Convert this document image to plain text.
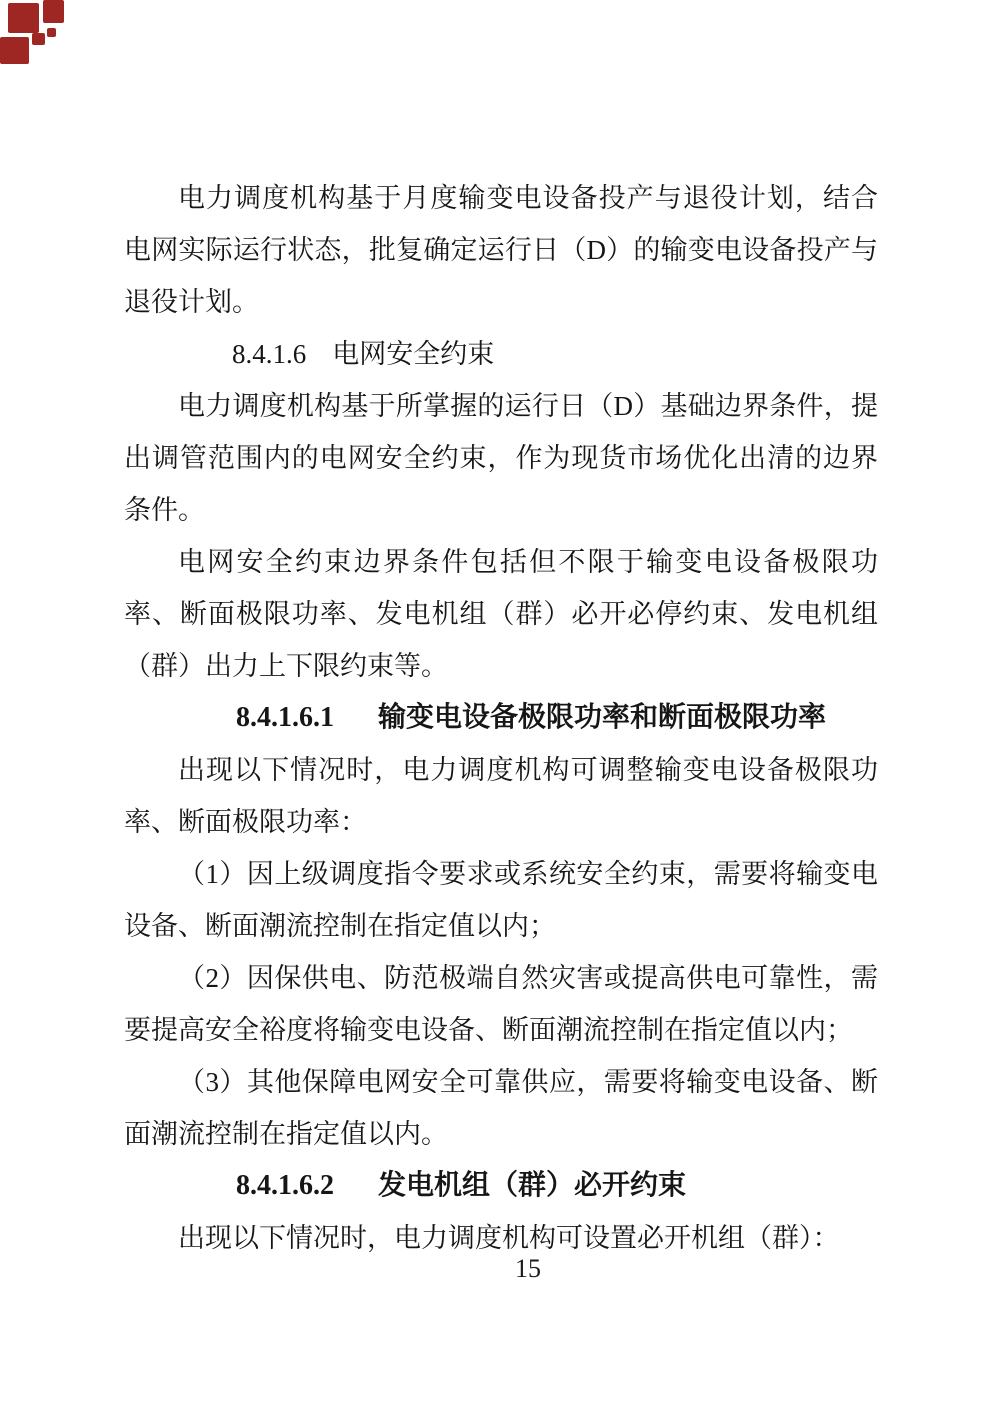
电力调度机构基于月度输变电设备投产与退役计划，结合电网实际运行状态，批复确定运行日（D）的输变电设备投产与退役计划。

8.4.1.6 电网安全约束

电力调度机构基于所掌握的运行日（D）基础边界条件，提出调管范围内的电网安全约束，作为现货市场优化出清的边界条件。

电网安全约束边界条件包括但不限于输变电设备极限功率、断面极限功率、发电机组（群）必开必停约束、发电机组（群）出力上下限约束等。

8.4.1.6.1 输变电设备极限功率和断面极限功率

出现以下情况时，电力调度机构可调整输变电设备极限功率、断面极限功率：

（1）因上级调度指令要求或系统安全约束，需要将输变电设备、断面潮流控制在指定值以内；

（2）因保供电、防范极端自然灾害或提高供电可靠性，需要提高安全裕度将输变电设备、断面潮流控制在指定值以内；

（3）其他保障电网安全可靠供应，需要将输变电设备、断面潮流控制在指定值以内。

8.4.1.6.2 发电机组（群）必开约束

出现以下情况时，电力调度机构可设置必开机组（群）：

15
